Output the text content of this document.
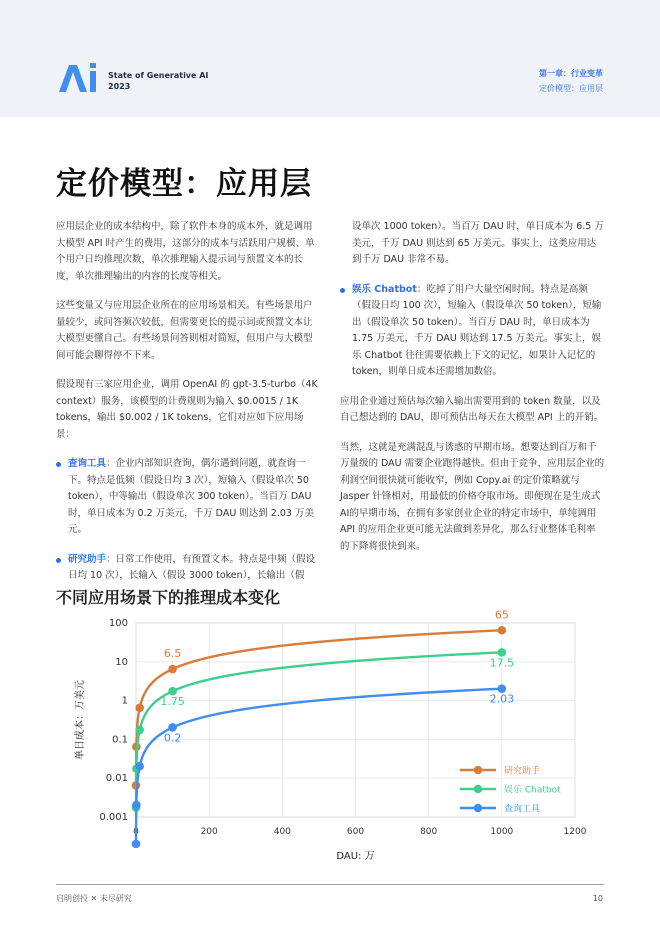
State of Generative AI
2023
第一章：行业变革
定价模型：应用层
定价模型：应用层

应用层企业的成本结构中，除了软件本身的成本外，就是调用大模型 API 时产生的费用，这部分的成本与活跃用户规模、单个用户日均推理次数，单次推理输入提示词与预置文本的长度，单次推理输出的内容的长度等相关。

这些变量又与应用层企业所在的应用场景相关。有些场景用户量较少，或问答频次较低，但需要更长的提示词或预置文本让大模型更懂自己。有些场景问答则相对简短，但用户与大模型间可能会聊得停不下来。

假设现有三家应用企业，调用 OpenAI 的 gpt-3.5-turbo（4K context）服务，该模型的计费规则为输入 $0.0015 / 1K tokens，输出 $0.002 / 1K tokens，它们对应如下应用场景：

查询工具：企业内部知识查询，偶尔遇到问题，就查询一下。特点是低频（假设日均 3 次），短输入（假设单次 50 token），中等输出（假设单次 300 token）。当百万 DAU 时，单日成本为 0.2 万美元，千万 DAU 则达到 2.03 万美元。
研究助手：日常工作使用，有预置文本。特点是中频（假设日均 10 次），长输入（假设 3000 token），长输出（假
设单次 1000 token）。当百万 DAU 时，单日成本为 6.5 万美元，千万 DAU 则达到 65 万美元。事实上，这类应用达到千万 DAU 非常不易。
娱乐 Chatbot：吃掉了用户大量空闲时间。特点是高频（假设日均 100 次），短输入（假设单次 50 token），短输出（假设单次 50 token）。当百万 DAU 时，单日成本为 1.75 万美元，千万 DAU 则达到 17.5 万美元。事实上，娱乐 Chatbot 往往需要依赖上下文的记忆，如果计入记忆的 token，则单日成本还需增加数倍。

应用企业通过预估每次输入输出需要用到的 token 数量，以及自己想达到的 DAU，即可预估出每天在大模型 API 上的开销。

当然，这就是充满混乱与诱惑的早期市场。想要达到百万和千万量级的 DAU 需要企业跑得越快。但由于竞争，应用层企业的利润空间很快就可能收窄，例如 Copy.ai 的定价策略就与 Jasper 针锋相对，用最低的价格夺取市场。即便现在是生成式AI的早期市场，在拥有多家创业企业的特定市场中，单纯调用 API 的应用企业更可能无法做到差异化，那么行业整体毛利率的下降将很快到来。

不同应用场景下的推理成本变化
0.001
0.01
0.1
1
10
100
0	200	400	600	800	1000	1200
DAU: 万
单日成本：万美元
6.5
65
1.75
17.5
0.2
2.03
研究助手
娱乐 Chatbot
查询工具
启明创投 ✕ 未尽研究	10
